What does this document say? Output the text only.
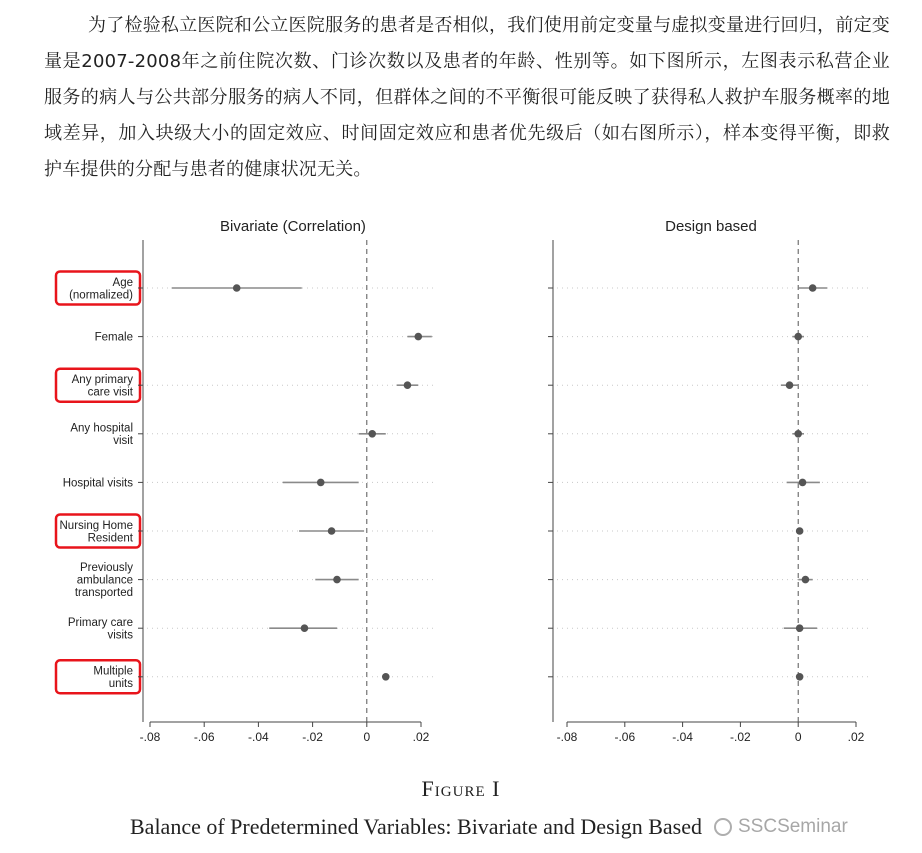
为了检验私立医院和公立医院服务的患者是否相似，我们使用前定变量与虚拟变量进行回归，前定变量是2007-2008年之前住院次数、门诊次数以及患者的年龄、性别等。如下图所示，左图表示私营企业服务的病人与公共部分服务的病人不同，但群体之间的不平衡很可能反映了获得私人救护车服务概率的地域差异，加入块级大小的固定效应、时间固定效应和患者优先级后（如右图所示），样本变得平衡，即救护车提供的分配与患者的健康状况无关。
Bivariate (Correlation)	Design based
Age
(normalized)
Female
Any primary
care visit
Any hospital
visit
Hospital visits
Nursing Home
Resident
Previously
ambulance
transported
Primary care
visits
Multiple
units
-.08	-.06	-.04	-.02	0	.02	-.08	-.06	-.04	-.02	0	.02
Figure I
Balance of Predetermined Variables: Bivariate and Design Based SSCSeminar
